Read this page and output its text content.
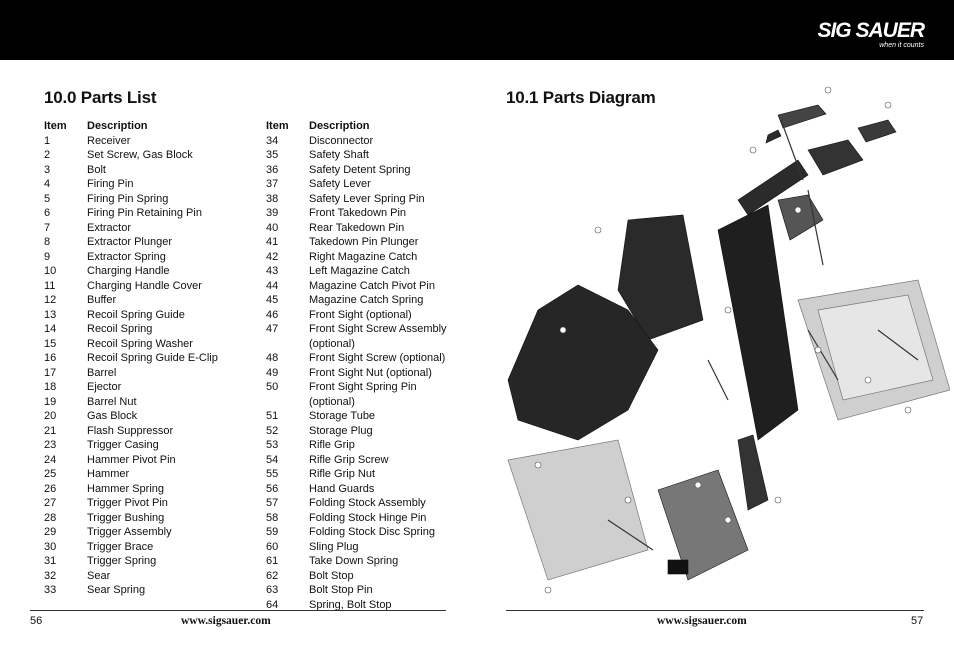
SIG SAUER
when it counts
10.0 Parts List	10.1 Parts Diagram
Item Description
1	Receiver
2	Set Screw, Gas Block
3	Bolt
4	Firing Pin
5	Firing Pin Spring
6	Firing Pin Retaining Pin
7	Extractor
8	Extractor Plunger
9	Extractor Spring
10	Charging Handle
11	Charging Handle Cover
12	Buffer
13	Recoil Spring Guide
14	Recoil Spring
15	Recoil Spring Washer
16	Recoil Spring Guide E-Clip
17	Barrel
18	Ejector
19	Barrel Nut
20	Gas Block
21	Flash Suppressor
23	Trigger Casing
24	Hammer Pivot Pin
25	Hammer
26	Hammer Spring
27	Trigger Pivot Pin
28	Trigger Bushing
29	Trigger Assembly
30	Trigger Brace
31	Trigger Spring
32	Sear
33	Sear Spring
Item Description
34	Disconnector
35	Safety Shaft
36	Safety Detent Spring
37	Safety Lever
38	Safety Lever Spring Pin
39	Front Takedown Pin
40	Rear Takedown Pin
41	Takedown Pin Plunger
42	Right Magazine Catch
43	Left Magazine Catch
44	Magazine Catch Pivot Pin
45	Magazine Catch Spring
46	Front Sight (optional)
47	Front Sight Screw Assembly (optional)
48	Front Sight Screw (optional)
49	Front Sight Nut (optional)
50	Front Sight Spring Pin (optional)
51	Storage Tube
52	Storage Plug
53	Rifle Grip
54	Rifle Grip Screw
55	Rifle Grip Nut
56	Hand Guards
57	Folding Stock Assembly
58	Folding Stock Hinge Pin
59	Folding Stock Disc Spring
60	Sling Plug
61	Take Down Spring
62	Bolt Stop
63	Bolt Stop Pin
64	Spring, Bolt Stop
56	www.sigsauer.com	www.sigsauer.com	57
